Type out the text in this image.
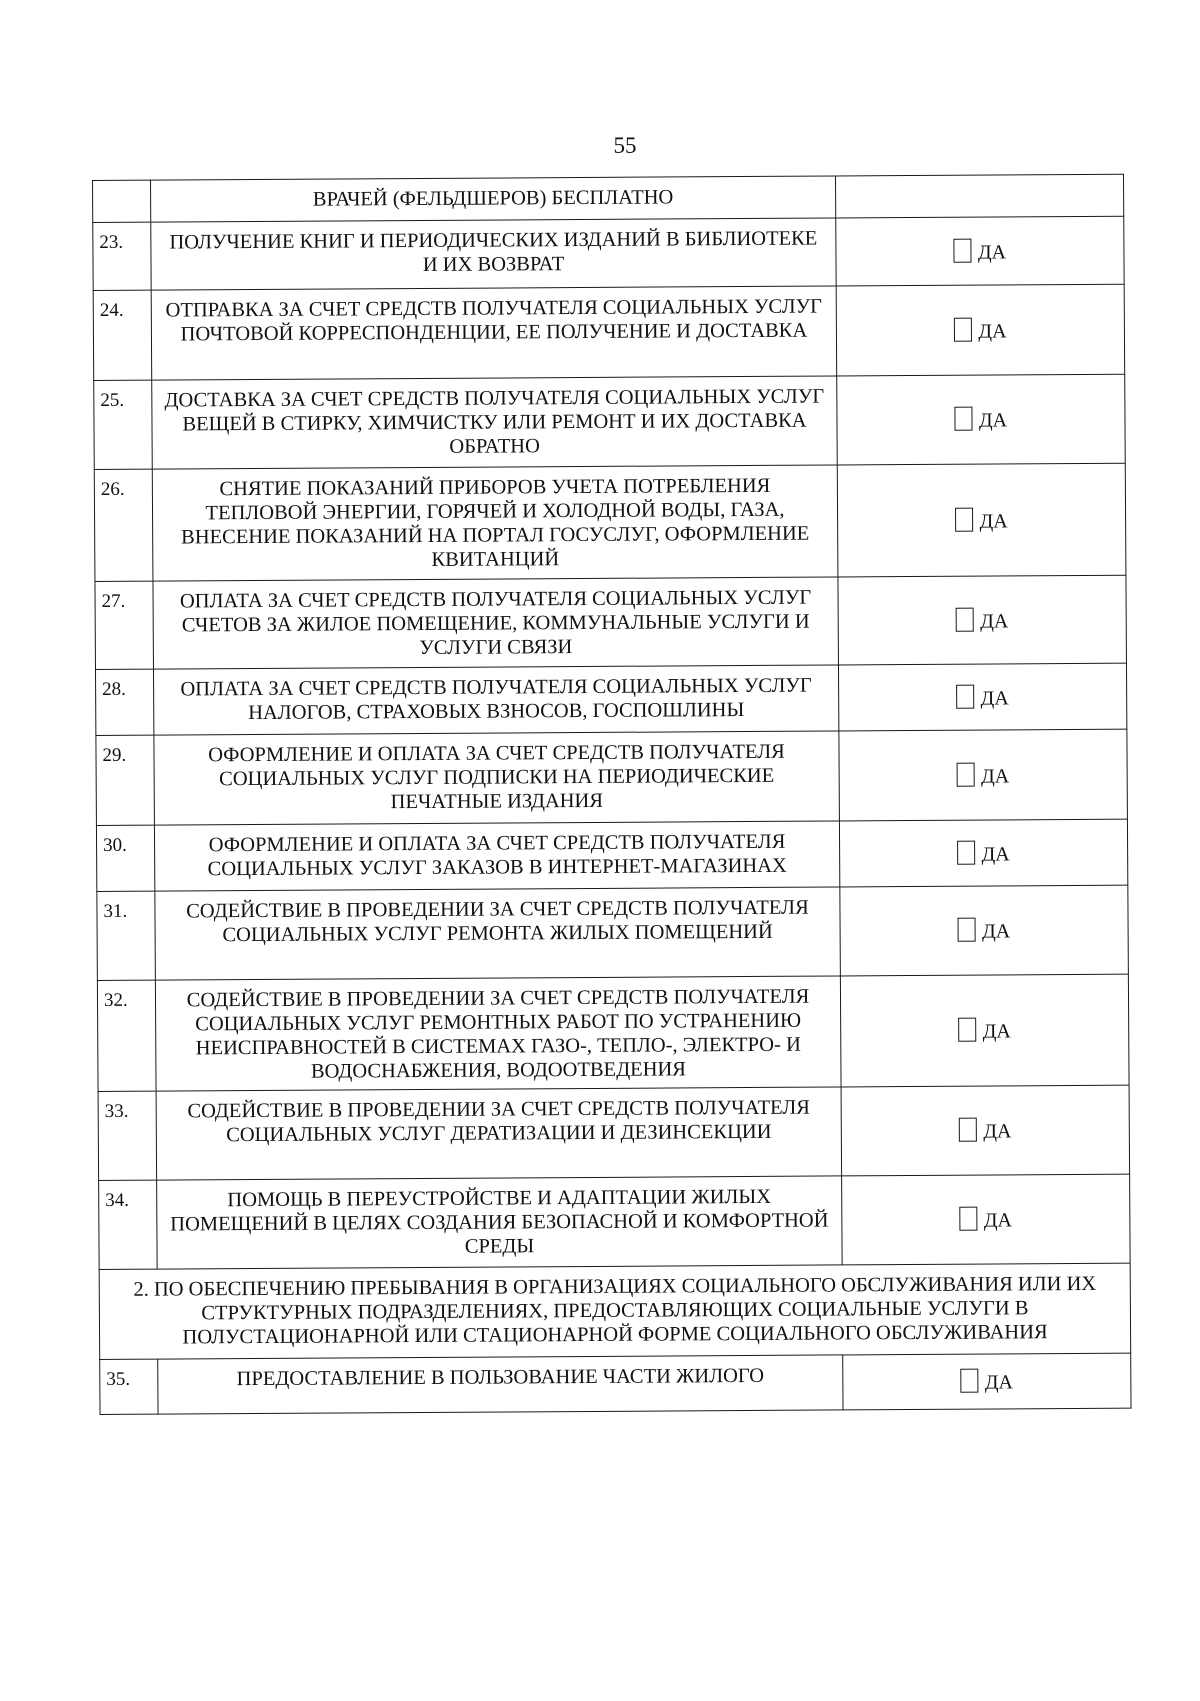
55
	ВРАЧЕЙ (ФЕЛЬДШЕРОВ) БЕСПЛАТНО	
23.	ПОЛУЧЕНИЕ КНИГ И ПЕРИОДИЧЕСКИХ ИЗДАНИЙ В БИБЛИОТЕКЕ И ИХ ВОЗВРАТ	ДА
24.	ОТПРАВКА ЗА СЧЕТ СРЕДСТВ ПОЛУЧАТЕЛЯ СОЦИАЛЬНЫХ УСЛУГ ПОЧТОВОЙ КОРРЕСПОНДЕНЦИИ, ЕЕ ПОЛУЧЕНИЕ И ДОСТАВКА	ДА
25.	ДОСТАВКА ЗА СЧЕТ СРЕДСТВ ПОЛУЧАТЕЛЯ СОЦИАЛЬНЫХ УСЛУГ ВЕЩЕЙ В СТИРКУ, ХИМЧИСТКУ ИЛИ РЕМОНТ И ИХ ДОСТАВКА ОБРАТНО	ДА
26.	СНЯТИЕ ПОКАЗАНИЙ ПРИБОРОВ УЧЕТА ПОТРЕБЛЕНИЯ ТЕПЛОВОЙ ЭНЕРГИИ, ГОРЯЧЕЙ И ХОЛОДНОЙ ВОДЫ, ГАЗА, ВНЕСЕНИЕ ПОКАЗАНИЙ НА ПОРТАЛ ГОСУСЛУГ, ОФОРМЛЕНИЕ КВИТАНЦИЙ	ДА
27.	ОПЛАТА ЗА СЧЕТ СРЕДСТВ ПОЛУЧАТЕЛЯ СОЦИАЛЬНЫХ УСЛУГ СЧЕТОВ ЗА ЖИЛОЕ ПОМЕЩЕНИЕ, КОММУНАЛЬНЫЕ УСЛУГИ И УСЛУГИ СВЯЗИ	ДА
28.	ОПЛАТА ЗА СЧЕТ СРЕДСТВ ПОЛУЧАТЕЛЯ СОЦИАЛЬНЫХ УСЛУГ НАЛОГОВ, СТРАХОВЫХ ВЗНОСОВ, ГОСПОШЛИНЫ	ДА
29.	ОФОРМЛЕНИЕ И ОПЛАТА ЗА СЧЕТ СРЕДСТВ ПОЛУЧАТЕЛЯ СОЦИАЛЬНЫХ УСЛУГ ПОДПИСКИ НА ПЕРИОДИЧЕСКИЕ ПЕЧАТНЫЕ ИЗДАНИЯ	ДА
30.	ОФОРМЛЕНИЕ И ОПЛАТА ЗА СЧЕТ СРЕДСТВ ПОЛУЧАТЕЛЯ СОЦИАЛЬНЫХ УСЛУГ ЗАКАЗОВ В ИНТЕРНЕТ-МАГАЗИНАХ	ДА
31.	СОДЕЙСТВИЕ В ПРОВЕДЕНИИ ЗА СЧЕТ СРЕДСТВ ПОЛУЧАТЕЛЯ СОЦИАЛЬНЫХ УСЛУГ РЕМОНТА ЖИЛЫХ ПОМЕЩЕНИЙ	ДА
32.	СОДЕЙСТВИЕ В ПРОВЕДЕНИИ ЗА СЧЕТ СРЕДСТВ ПОЛУЧАТЕЛЯ СОЦИАЛЬНЫХ УСЛУГ РЕМОНТНЫХ РАБОТ ПО УСТРАНЕНИЮ НЕИСПРАВНОСТЕЙ В СИСТЕМАХ ГАЗО-, ТЕПЛО-, ЭЛЕКТРО- И ВОДОСНАБЖЕНИЯ, ВОДООТВЕДЕНИЯ	ДА
33.	СОДЕЙСТВИЕ В ПРОВЕДЕНИИ ЗА СЧЕТ СРЕДСТВ ПОЛУЧАТЕЛЯ СОЦИАЛЬНЫХ УСЛУГ ДЕРАТИЗАЦИИ И ДЕЗИНСЕКЦИИ	ДА
34.	ПОМОЩЬ В ПЕРЕУСТРОЙСТВЕ И АДАПТАЦИИ ЖИЛЫХ ПОМЕЩЕНИЙ В ЦЕЛЯХ СОЗДАНИЯ БЕЗОПАСНОЙ И КОМФОРТНОЙ СРЕДЫ	ДА
2. ПО ОБЕСПЕЧЕНИЮ ПРЕБЫВАНИЯ В ОРГАНИЗАЦИЯХ СОЦИАЛЬНОГО ОБСЛУЖИВАНИЯ ИЛИ ИХ СТРУКТУРНЫХ ПОДРАЗДЕЛЕНИЯХ, ПРЕДОСТАВЛЯЮЩИХ СОЦИАЛЬНЫЕ УСЛУГИ В ПОЛУСТАЦИОНАРНОЙ ИЛИ СТАЦИОНАРНОЙ ФОРМЕ СОЦИАЛЬНОГО ОБСЛУЖИВАНИЯ		
35.	ПРЕДОСТАВЛЕНИЕ В ПОЛЬЗОВАНИЕ ЧАСТИ ЖИЛОГО	ДА
